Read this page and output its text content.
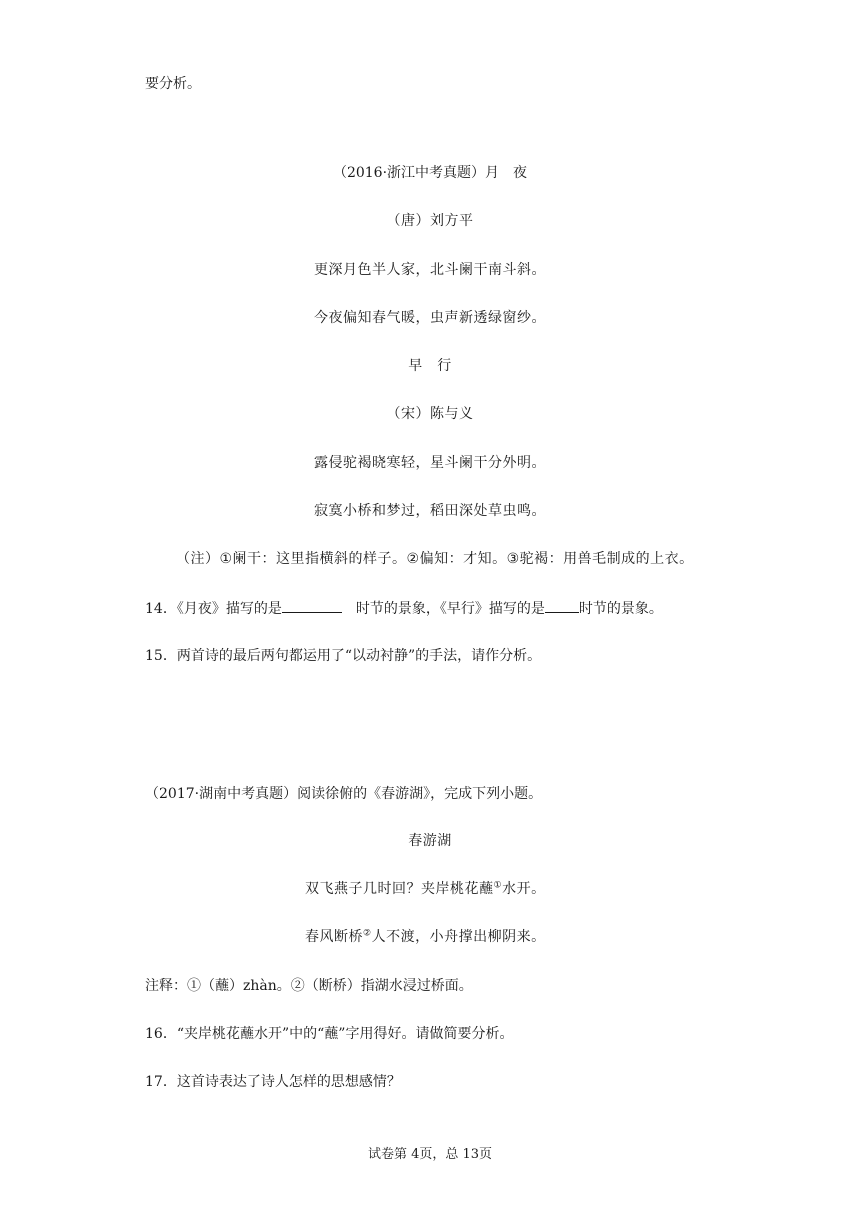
要分析。
（2016·浙江中考真题）月　夜
（唐）刘方平
更深月色半人家，北斗阑干南斗斜。
今夜偏知春气暖，虫声新透绿窗纱。
早　行
（宋）陈与义
露侵驼褐晓寒轻，星斗阑干分外明。
寂寞小桥和梦过，稻田深处草虫鸣。
（注）①阑干：这里指横斜的样子。②偏知：才知。③驼褐：用兽毛制成的上衣。
14．《月夜》描写的是	　时节的景象，《早行》描写的是 时节的景象。
15．两首诗的最后两句都运用了“以动衬静”的手法，请作分析。
（2017·湖南中考真题）阅读徐俯的《春游湖》，完成下列小题。
春游湖
双飞燕子几时回？夹岸桃花蘸①水开。
春风断桥②人不渡，小舟撑出柳阴来。
注释：①（蘸）zhàn。②（断桥）指湖水浸过桥面。
16．“夹岸桃花蘸水开”中的“蘸”字用得好。请做简要分析。
17．这首诗表达了诗人怎样的思想感情？
试卷第 4页，总 13页
